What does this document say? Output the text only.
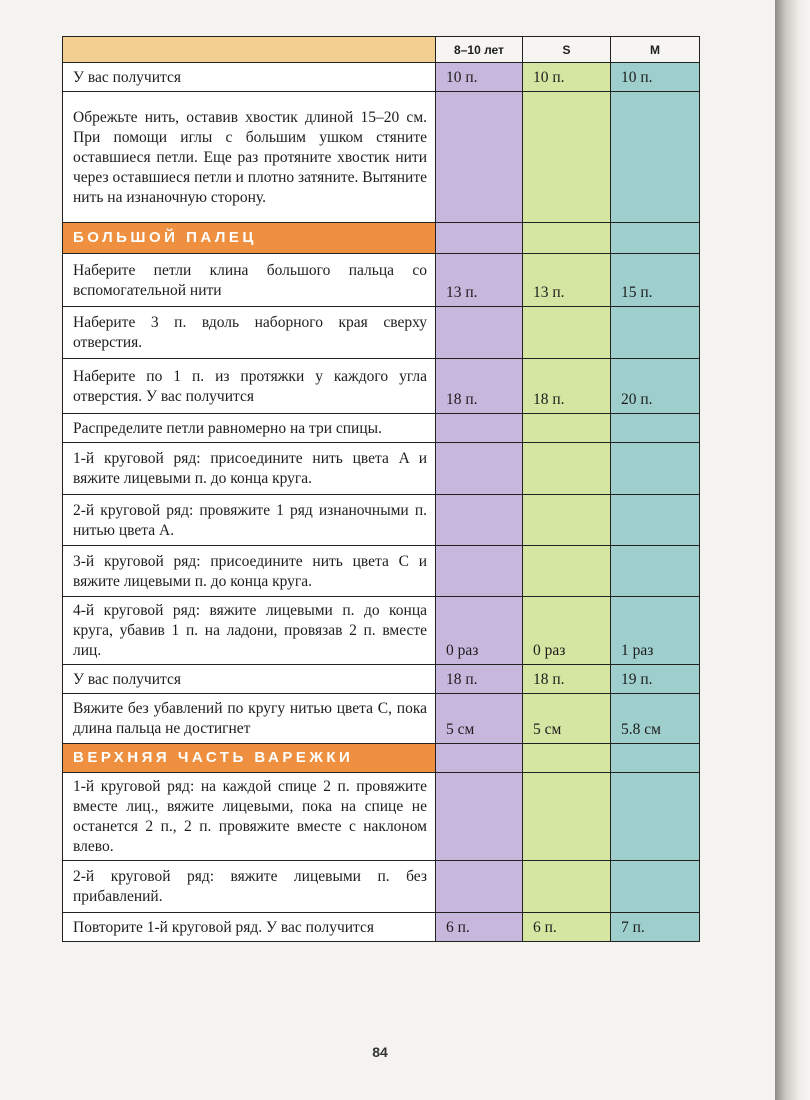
	8–10 лет	S	M
У вас получится	10 п.	10 п.	10 п.
Обрежьте нить, оставив хвостик длиной 15–20 см. При помощи иглы с большим ушком стяните оставшиеся петли. Еще раз протяните хвостик нити через оставшиеся петли и плотно затяните. Вытяните нить на изнаночную сторону.			
БОЛЬШОЙ ПАЛЕЦ			
Наберите петли клина большого пальца со вспомогательной нити	13 п.	13 п.	15 п.
Наберите 3 п. вдоль наборного края сверху отверстия.			
Наберите по 1 п. из протяжки у каждого угла отверстия. У вас получится	18 п.	18 п.	20 п.
Распределите петли равномерно на три спицы.			
1-й круговой ряд: присоедините нить цвета A и вяжите лицевыми п. до конца круга.			
2-й круговой ряд: провяжите 1 ряд изнаночными п. нитью цвета A.			
3-й круговой ряд: присоедините нить цвета C и вяжите лицевыми п. до конца круга.			
4-й круговой ряд: вяжите лицевыми п. до конца круга, убавив 1 п. на ладони, провязав 2 п. вместе лиц.	0 раз	0 раз	1 раз
У вас получится	18 п.	18 п.	19 п.
Вяжите без убавлений по кругу нитью цвета C, пока длина пальца не достигнет	5 см	5 см	5.8 см
ВЕРХНЯЯ ЧАСТЬ ВАРЕЖКИ			
1-й круговой ряд: на каждой спице 2 п. провяжите вместе лиц., вяжите лицевыми, пока на спице не останется 2 п., 2 п. провяжите вместе с наклоном влево.			
2-й круговой ряд: вяжите лицевыми п. без прибавлений.			
Повторите 1-й круговой ряд. У вас получится	6 п.	6 п.	7 п.
84
